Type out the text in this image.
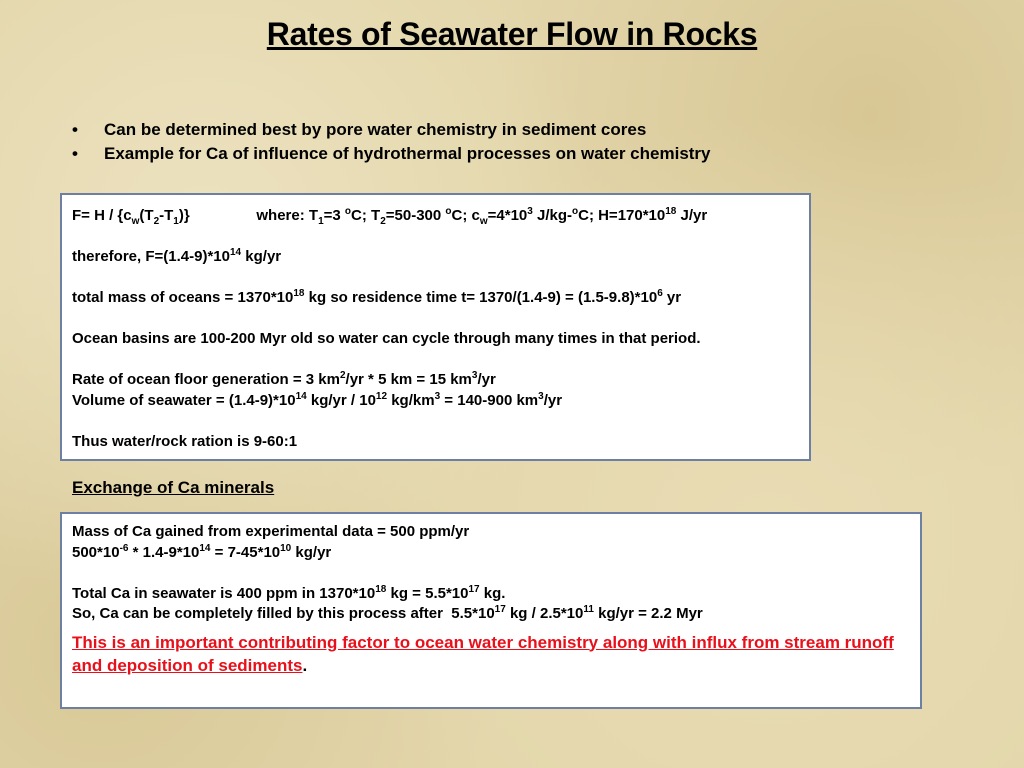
Rates of Seawater Flow in Rocks
• Can be determined best by pore water chemistry in sediment cores
• Example for Ca of influence of hydrothermal processes on water chemistry
$F= H / \{c_w(T_2-T_1)\}$                where: $T_1=3$ $^o$C; $T_2=50-300$ $^o$C; $c_w=4*10^3$ J/kg-$^o$C; $H=170*10^{18}$ J/yr
therefore, $F=(1.4-9)*10^{14}$ kg/yr
total mass of oceans = $1370*10^{18}$ kg so residence time $t= 1370/(1.4-9) = (1.5-9.8)*10^6$ yr
Ocean basins are 100-200 Myr old so water can cycle through many times in that period.
Rate of ocean floor generation = 3 $km^2/yr * 5$ km = 15 $km^3/yr$
Volume of seawater = $(1.4-9)*10^{14}$ $kg/yr / 10^{12}$ $kg/km^3 = 140-900$ $km^3/yr$
Thus water/rock ration is 9-60:1
Exchange of Ca minerals
Mass of Ca gained from experimental data = 500 ppm/yr
$500*10^{-6} * 1.4-9*10^{14} = 7-45*10^{10}$ kg/yr
Total Ca in seawater is 400 ppm in $1370*10^{18}$ kg = $5.5*10^{17}$ kg.
So, Ca can be completely filled by this process after  $5.5*10^{17}$ kg / $2.5*10^{11}$ kg/yr = 2.2 Myr
This is an important contributing factor to ocean water chemistry along with influx from stream runoff and deposition of sediments.
